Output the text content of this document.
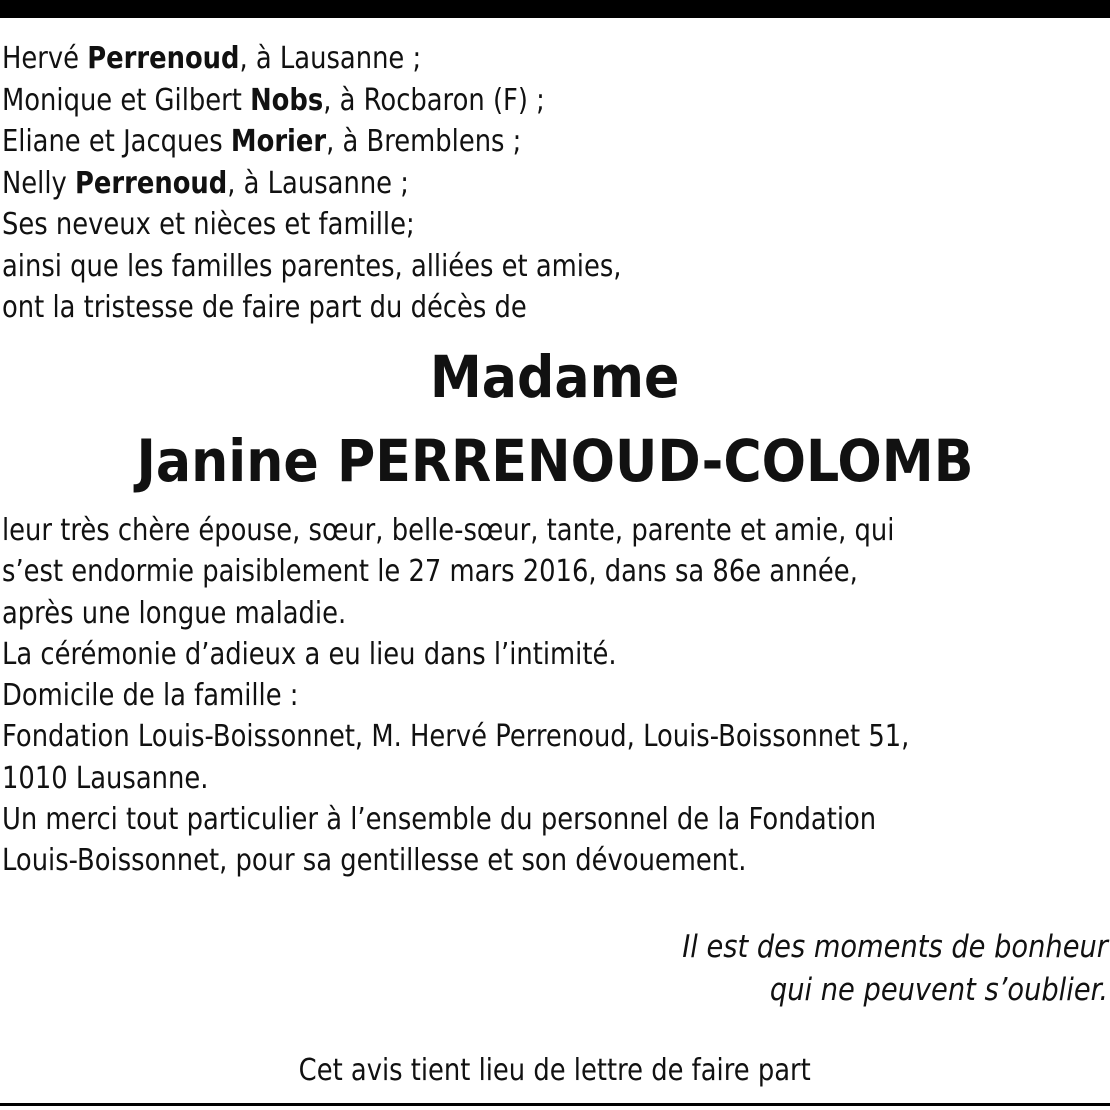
Hervé Perrenoud, à Lausanne ;
Monique et Gilbert Nobs, à Rocbaron (F) ;
Eliane et Jacques Morier, à Bremblens ;
Nelly Perrenoud, à Lausanne ;
Ses neveux et nièces et famille;
ainsi que les familles parentes, alliées et amies,
ont la tristesse de faire part du décès de
Madame
Janine PERRENOUD-COLOMB
leur très chère épouse, sœur, belle-sœur, tante, parente et amie, qui
s’est endormie paisiblement le 27 mars 2016, dans sa 86e année,
après une longue maladie.
La cérémonie d’adieux a eu lieu dans l’intimité.
Domicile de la famille :
Fondation Louis-Boissonnet, M. Hervé Perrenoud, Louis-Boissonnet 51,
1010 Lausanne.
Un merci tout particulier à l’ensemble du personnel de la Fondation
Louis-Boissonnet, pour sa gentillesse et son dévouement.
Il est des moments de bonheur
qui ne peuvent s’oublier.
Cet avis tient lieu de lettre de faire part
